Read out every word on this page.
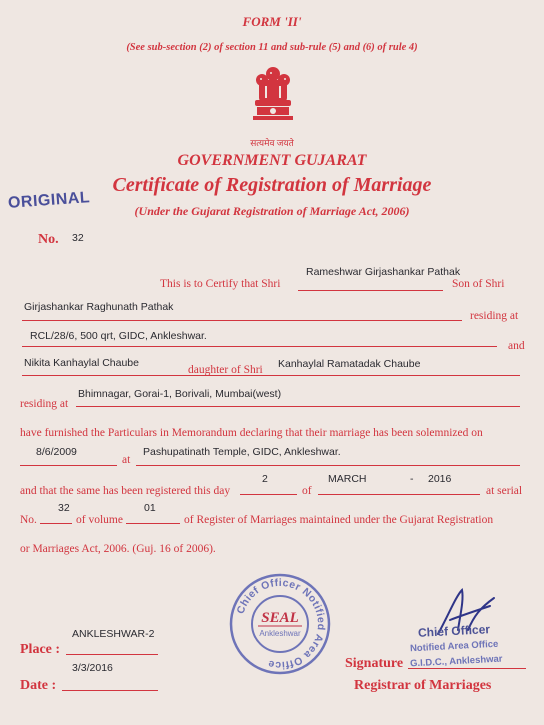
FORM 'II'
(See sub-section (2) of section 11 and sub-rule (5) and (6) of rule 4)
सत्यमेव जयते
GOVERNMENT GUJARAT
Certificate of Registration of Marriage
(Under the Gujarat Registration of Marriage Act, 2006)
ORIGINAL
No. 32
This is to Certify that Shri
Rameshwar Girjashankar Pathak
Son of Shri
Girjashankar Raghunath Pathak
residing at
RCL/28/6, 500 qrt, GIDC, Ankleshwar.
and
Nikita Kanhaylal Chaube
daughter of Shri Kanhaylal Ramatadak Chaube
residing at
Bhimnagar, Gorai-1, Borivali, Mumbai(west)
have furnished the Particulars in Memorandum declaring that their marriage has been solemnized on
8/6/2009
at
Pashupatinath Temple, GIDC, Ankleshwar.
and that the same has been registered this day
2
of
MARCH	- 2016
at serial
No.
32
of volume
01
of Register of Marriages maintained under the Gujarat Registration
or Marriages Act, 2006. (Guj. 16 of 2006).
Chief Officer Notified Area Office
SEAL
Ankleshwar
ANKLESHWAR-2
Place :
3/3/2016
Date :
Chief Officer
Notified Area Office
G.I.D.C., Ankleshwar
Signature
Registrar of Marriages
